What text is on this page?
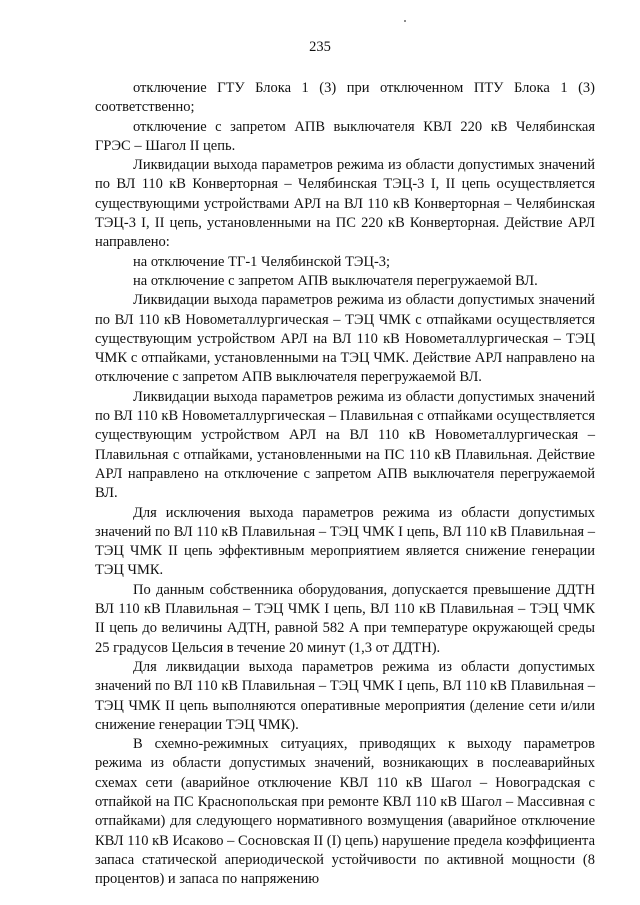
235

отключение ГТУ Блока 1 (3) при отключенном ПТУ Блока 1 (3) соответственно;

отключение с запретом АПВ выключателя КВЛ 220 кВ Челябинская ГРЭС – Шагол II цепь.

Ликвидации выхода параметров режима из области допустимых значений по ВЛ 110 кВ Конверторная – Челябинская ТЭЦ-3 I, II цепь осуществляется существующими устройствами АРЛ на ВЛ 110 кВ Конверторная – Челябинская ТЭЦ-3 I, II цепь, установленными на ПС 220 кВ Конверторная. Действие АРЛ направлено:

на отключение ТГ-1 Челябинской ТЭЦ-3;

на отключение с запретом АПВ выключателя перегружаемой ВЛ.

Ликвидации выхода параметров режима из области допустимых значений по ВЛ 110 кВ Новометаллургическая – ТЭЦ ЧМК с отпайками осуществляется существующим устройством АРЛ на ВЛ 110 кВ Новометаллургическая – ТЭЦ ЧМК с отпайками, установленными на ТЭЦ ЧМК. Действие АРЛ направлено на отключение с запретом АПВ выключателя перегружаемой ВЛ.

Ликвидации выхода параметров режима из области допустимых значений по ВЛ 110 кВ Новометаллургическая – Плавильная с отпайками осуществляется существующим устройством АРЛ на ВЛ 110 кВ Новометаллургическая – Плавильная с отпайками, установленными на ПС 110 кВ Плавильная. Действие АРЛ направлено на отключение с запретом АПВ выключателя перегружаемой ВЛ.

Для исключения выхода параметров режима из области допустимых значений по ВЛ 110 кВ Плавильная – ТЭЦ ЧМК I цепь, ВЛ 110 кВ Плавильная – ТЭЦ ЧМК II цепь эффективным мероприятием является снижение генерации ТЭЦ ЧМК.

По данным собственника оборудования, допускается превышение ДДТН ВЛ 110 кВ Плавильная – ТЭЦ ЧМК I цепь, ВЛ 110 кВ Плавильная – ТЭЦ ЧМК II цепь до величины АДТН, равной 582 А при температуре окружающей среды 25 градусов Цельсия в течение 20 минут (1,3 от ДДТН).

Для ликвидации выхода параметров режима из области допустимых значений по ВЛ 110 кВ Плавильная – ТЭЦ ЧМК I цепь, ВЛ 110 кВ Плавильная – ТЭЦ ЧМК II цепь выполняются оперативные мероприятия (деление сети и/или снижение генерации ТЭЦ ЧМК).

В схемно-режимных ситуациях, приводящих к выходу параметров режима из области допустимых значений, возникающих в послеаварийных схемах сети (аварийное отключение КВЛ 110 кВ Шагол – Новоградская с отпайкой на ПС Краснопольская при ремонте КВЛ 110 кВ Шагол – Массивная с отпайками) для следующего нормативного возмущения (аварийное отключение КВЛ 110 кВ Исаково – Сосновская II (I) цепь) нарушение предела коэффициента запаса статической апериодической устойчивости по активной мощности (8 процентов) и запаса по напряжению
